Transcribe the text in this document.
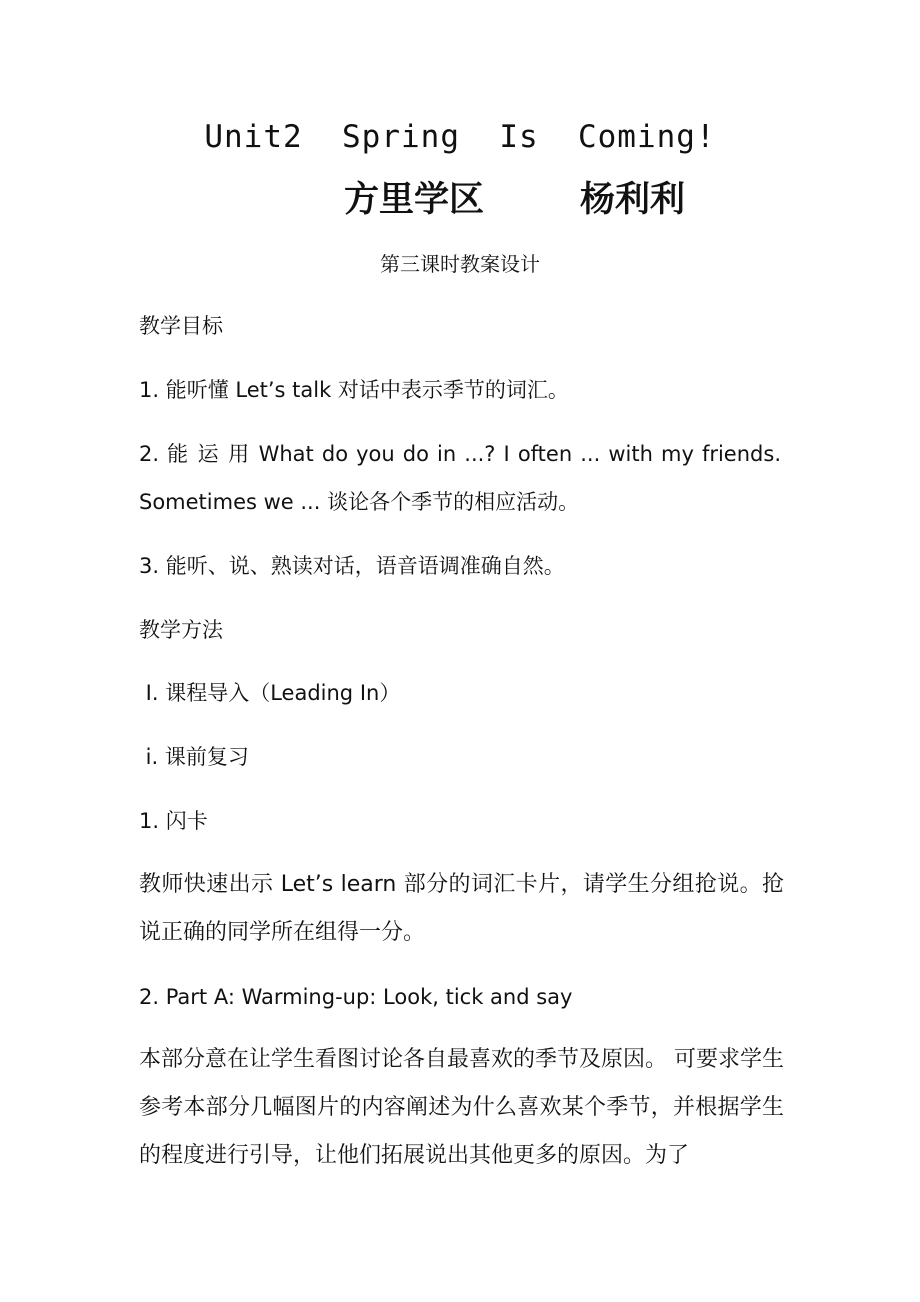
Unit2  Spring  Is  Coming!
方里学区	杨利利
第三课时教案设计
教学目标
1. 能听懂 Let’s talk 对话中表示季节的词汇。
2. 能 运 用 What do you do in ...? I often ... with my friends.
Sometimes we ... 谈论各个季节的相应活动。
3. 能听、说、熟读对话，语音语调准确自然。
教学方法
Ⅰ. 课程导入（Leading In）
ⅰ. 课前复习
1. 闪卡
教师快速出示 Let’s learn 部分的词汇卡片，请学生分组抢说。抢说正确的同学所在组得一分。
2. Part A: Warming-up: Look, tick and say
本部分意在让学生看图讨论各自最喜欢的季节及原因。 可要求学生参考本部分几幅图片的内容阐述为什么喜欢某个季节，并根据学生的程度进行引导，让他们拓展说出其他更多的原因。为了
